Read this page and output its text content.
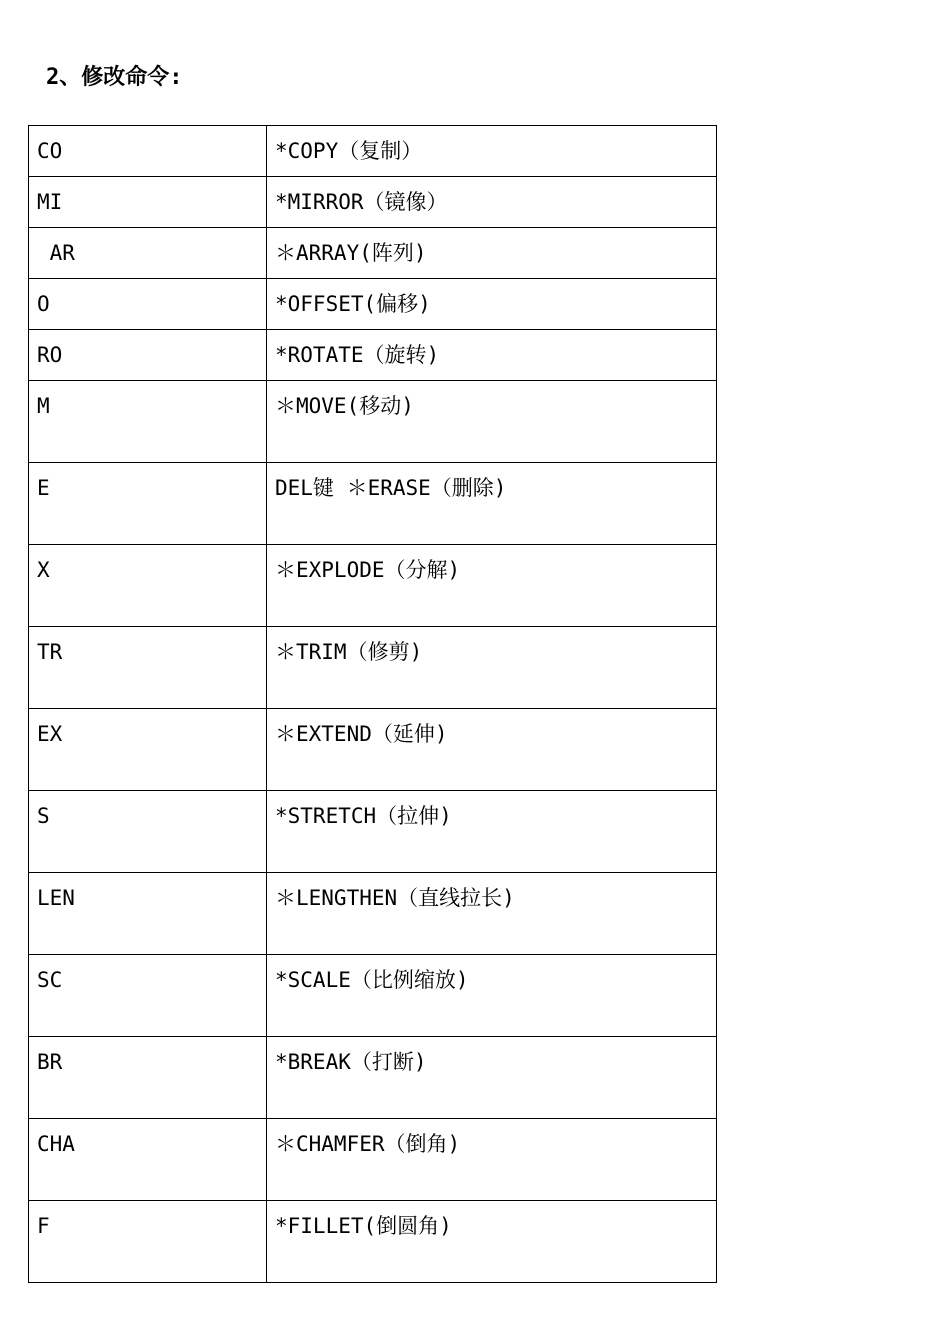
2、修改命令:
CO	*COPY（复制）

MI	*MIRROR（镜像）

AR	＊ARRAY(阵列)

O	*OFFSET(偏移)

RO	*ROTATE（旋转)

M	＊MOVE(移动)

E	DEL键 ＊ERASE（删除)

X	＊EXPLODE（分解)

TR	＊TRIM（修剪)

EX	＊EXTEND（延伸)

S	*STRETCH（拉伸)

LEN	＊LENGTHEN（直线拉长)

SC	*SCALE（比例缩放)

BR	*BREAK（打断)

CHA	＊CHAMFER（倒角)

F	*FILLET(倒圆角)
